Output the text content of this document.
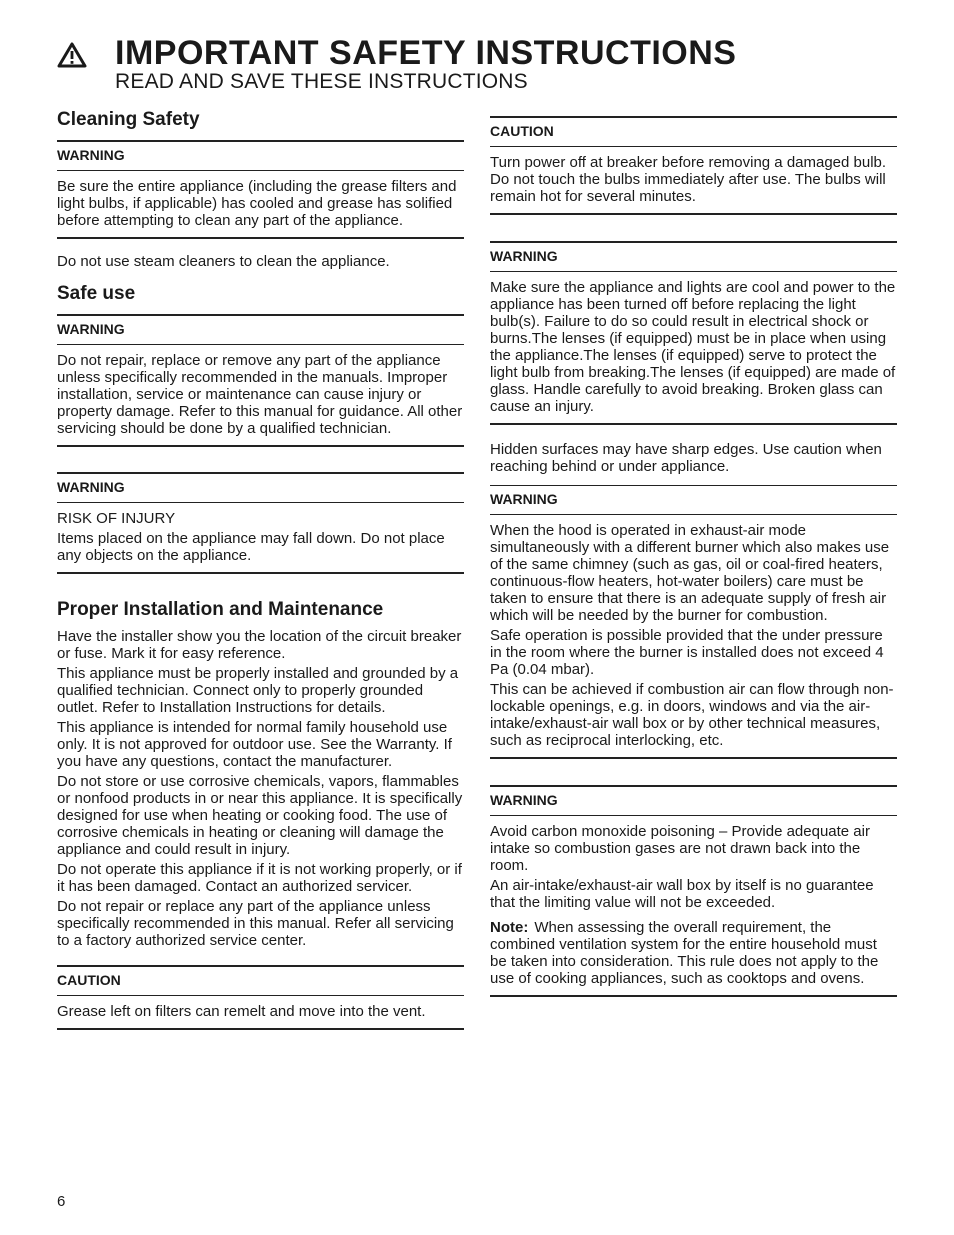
IMPORTANT SAFETY INSTRUCTIONS
READ AND SAVE THESE INSTRUCTIONS
Cleaning Safety
WARNING

Be sure the entire appliance (including the grease filters and light bulbs, if applicable) has cooled and grease has solified before attempting to clean any part of the appliance.

Do not use steam cleaners to clean the appliance.

Safe use
WARNING

Do not repair, replace or remove any part of the appliance unless specifically recommended in the manuals. Improper installation, service or maintenance can cause injury or property damage. Refer to this manual for guidance. All other servicing should be done by a qualified technician.

WARNING

RISK OF INJURY

Items placed on the appliance may fall down. Do not place any objects on the appliance.

Proper Installation and Maintenance

Have the installer show you the location of the circuit breaker or fuse. Mark it for easy reference.

This appliance must be properly installed and grounded by a qualified technician. Connect only to properly grounded outlet. Refer to Installation Instructions for details.

This appliance is intended for normal family household use only. It is not approved for outdoor use. See the Warranty. If you have any questions, contact the manufacturer.

Do not store or use corrosive chemicals, vapors, flammables or nonfood products in or near this appliance. It is specifically designed for use when heating or cooking food. The use of corrosive chemicals in heating or cleaning will damage the appliance and could result in injury.

Do not operate this appliance if it is not working properly, or if it has been damaged. Contact an authorized servicer.

Do not repair or replace any part of the appliance unless specifically recommended in this manual. Refer all servicing to a factory authorized service center.

CAUTION

Grease left on filters can remelt and move into the vent.

CAUTION

Turn power off at breaker before removing a damaged bulb. Do not touch the bulbs immediately after use. The bulbs will remain hot for several minutes.

WARNING

Make sure the appliance and lights are cool and power to the appliance has been turned off before replacing the light bulb(s). Failure to do so could result in electrical shock or burns.The lenses (if equipped) must be in place when using the appliance.The lenses (if equipped) serve to protect the light bulb from breaking.The lenses (if equipped) are made of glass. Handle carefully to avoid breaking. Broken glass can cause an injury.

Hidden surfaces may have sharp edges. Use caution when reaching behind or under appliance.

WARNING

When the hood is operated in exhaust-air mode simultaneously with a different burner which also makes use of the same chimney (such as gas, oil or coal-fired heaters, continuous-flow heaters, hot-water boilers) care must be taken to ensure that there is an adequate supply of fresh air which will be needed by the burner for combustion.

Safe operation is possible provided that the under pressure in the room where the burner is installed does not exceed 4 Pa (0.04 mbar).

This can be achieved if combustion air can flow through non-lockable openings, e.g. in doors, windows and via the air-intake/exhaust-air wall box or by other technical measures, such as reciprocal interlocking, etc.

WARNING

Avoid carbon monoxide poisoning – Provide adequate air intake so combustion gases are not drawn back into the room.

An air-intake/exhaust-air wall box by itself is no guarantee that the limiting value will not be exceeded.

Note: When assessing the overall requirement, the combined ventilation system for the entire household must be taken into consideration. This rule does not apply to the use of cooking appliances, such as cooktops and ovens.

6
